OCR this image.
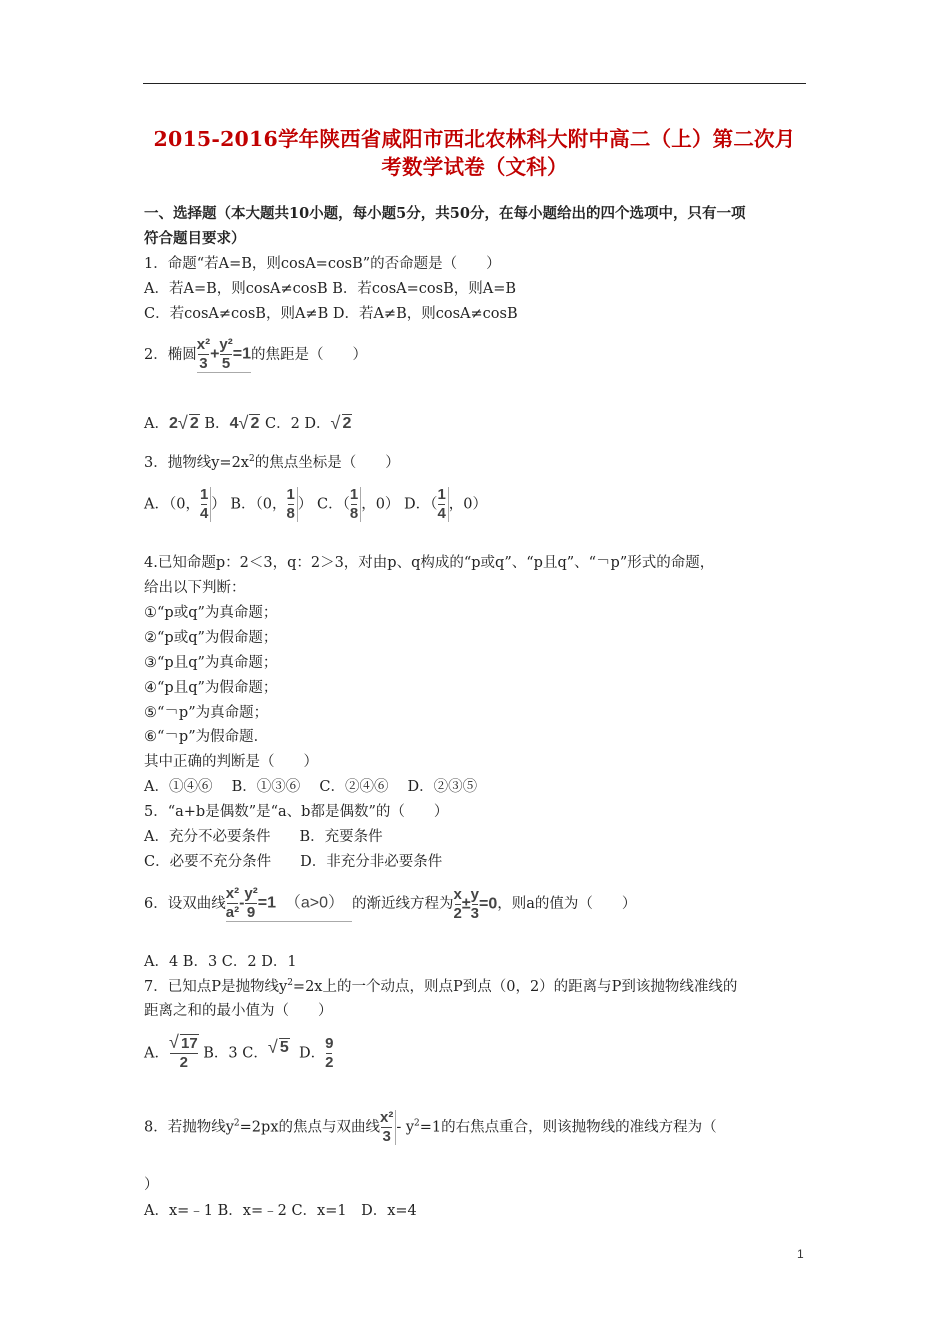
2015-2016学年陕西省咸阳市西北农林科大附中高二（上）第二次月
考数学试卷（文科）
一、选择题（本大题共10小题，每小题5分，共50分，在每小题给出的四个选项中，只有一项
符合题目要求）
1．命题“若A=B，则cosA=cosB”的否命题是（　　）
A．若A=B，则cosA≠cosB B．若cosA=cosB，则A=B
C．若cosA≠cosB，则A≠B D．若A≠B，则cosA≠cosB
2．椭圆 $\frac{\text{x²}}{3} + \frac{\text{y²}}{5} =1$的焦距是（　　）
A．2 √ 2 B．4 √ 2 C．2 D． √ 2
3．抛物线$y=2x^2$的焦点坐标是（　　）
A．（0， $\frac{1}{4}$ ） B．（0， $\frac{1}{8}$ ） C．（ $\frac{1}{8}$ ，0） D．（ $\frac{1}{4}$ ，0）
4.已知命题p：2＜3，q：2＞3，对由p、q构成的“p或q”、“p且q”、“￢p”形式的命题，
给出以下判断：
①“p或q”为真命题；
②“p或q”为假命题；
③“p且q”为真命题；
④“p且q”为假命题；
⑤“￢p”为真命题；
⑥“￢p”为假命题．
其中正确的判断是（　　）
A．①④⑥　 B．①③⑥　 C．②④⑥　 D．②③⑤
5．“a+b是偶数”是“a、b都是偶数”的（　　）
A．充分不必要条件　　B．充要条件
C．必要不充分条件　　D．非充分非必要条件
6．设双曲线 $\frac{\text{x²}}{\text{a²}} - \frac{\text{y²}}{9} =1$ （a>0） 的渐近线方程为 $\frac{x}{2} \pm \frac{y}{3} =0$，则a的值为（　　）
A．4 B．3 C．2 D．1
7．已知点P是抛物线$y^2=2x$上的一个动点，则点P到点（0，2）的距离与P到该抛物线准线的
距离之和的最小值为（　　）
A． $\frac{√ 17}{2}$ B．3 C． √ 5 D． $\frac{9}{2}$
8．若抛物线$y^2=2px$的焦点与双曲线 $\frac{\text{x²}}{3} - y^2=1$的右焦点重合，则该抛物线的准线方程为（
）
A．x=﹣1 B．x=﹣2 C．x=1　D．x=4
1
